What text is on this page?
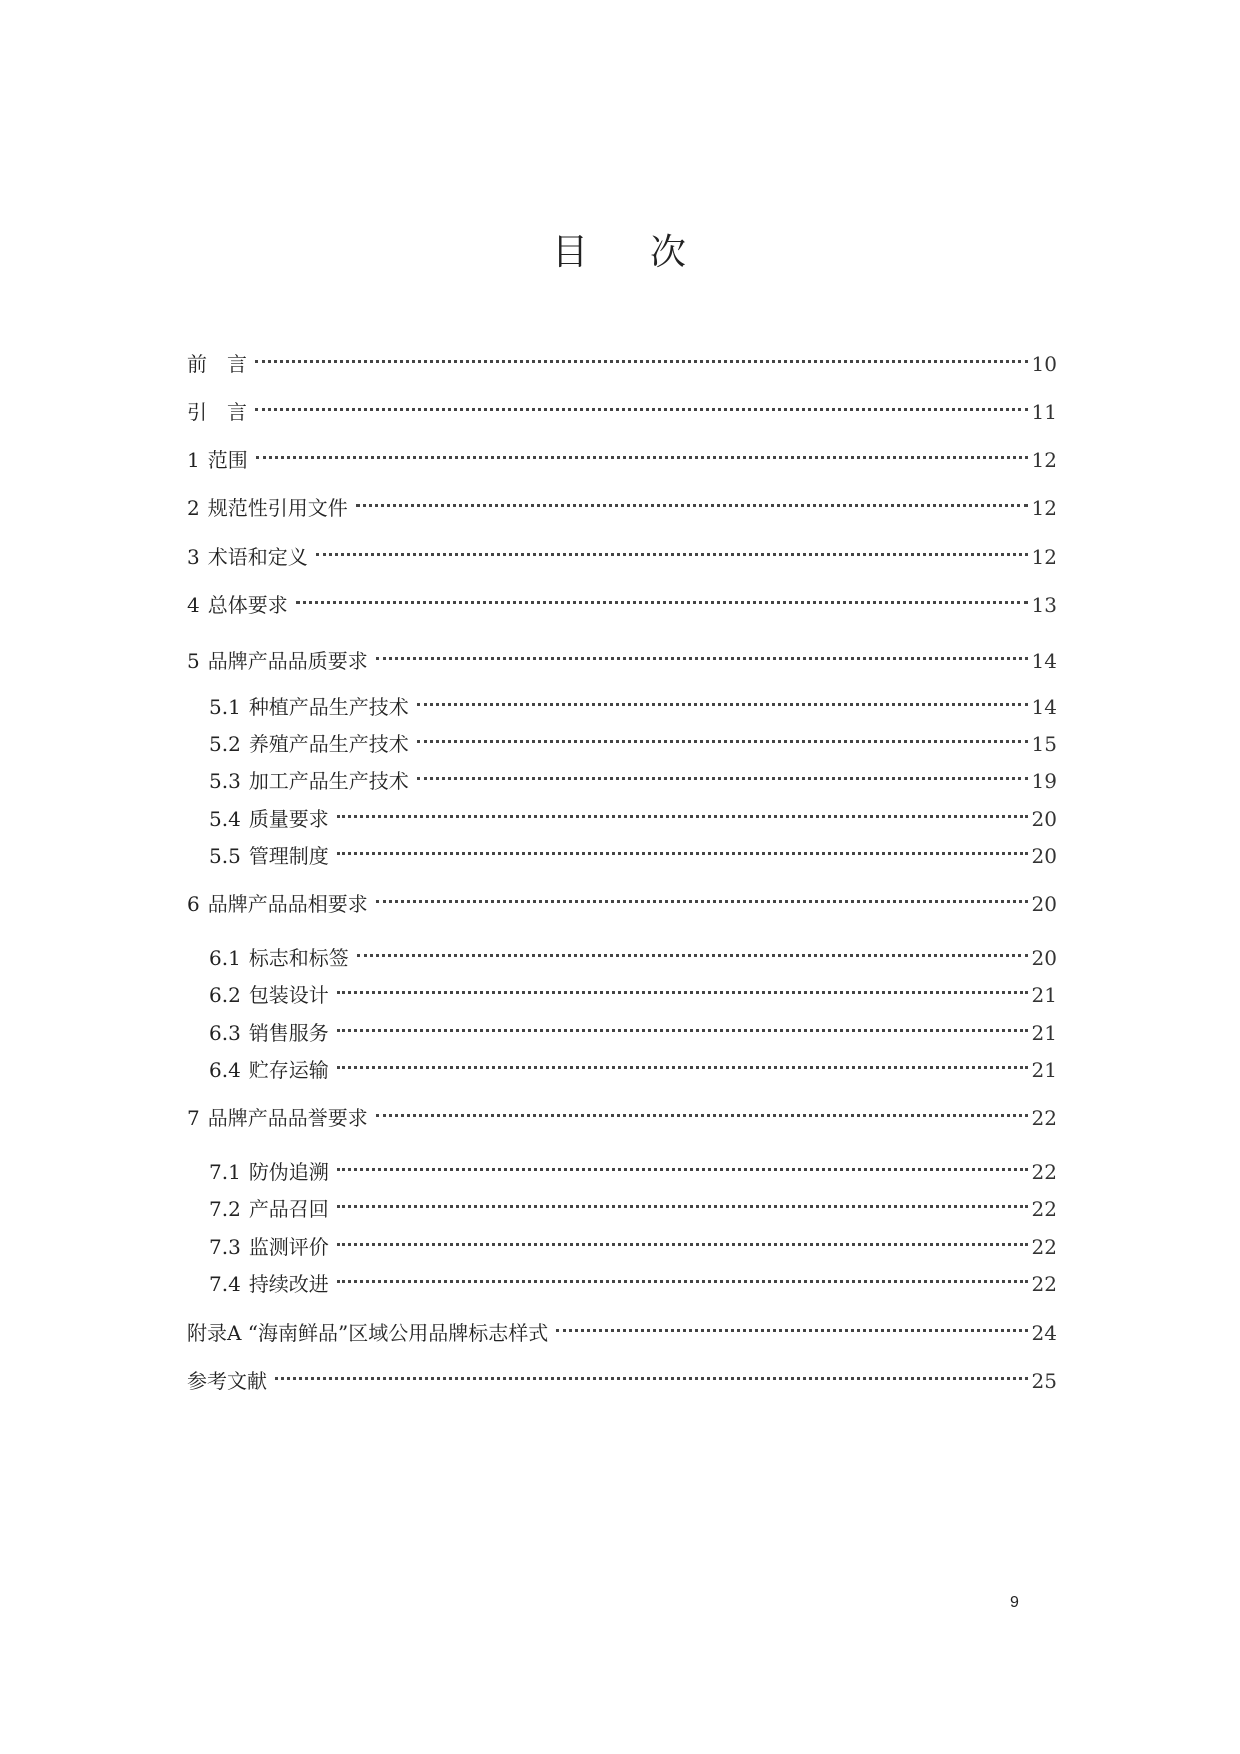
目 次
前　言	10
引　言	11
1 范围	12
2 规范性引用文件	12
3 术语和定义	12
4 总体要求	13
5 品牌产品品质要求	14
5.1 种植产品生产技术	14
5.2 养殖产品生产技术	15
5.3 加工产品生产技术	19
5.4 质量要求	20
5.5 管理制度	20
6 品牌产品品相要求	20
6.1 标志和标签	20
6.2 包装设计	21
6.3 销售服务	21
6.4 贮存运输	21
7 品牌产品品誉要求	22
7.1 防伪追溯	22
7.2 产品召回	22
7.3 监测评价	22
7.4 持续改进	22
附录A “海南鲜品”区域公用品牌标志样式	24
参考文献	25
9
